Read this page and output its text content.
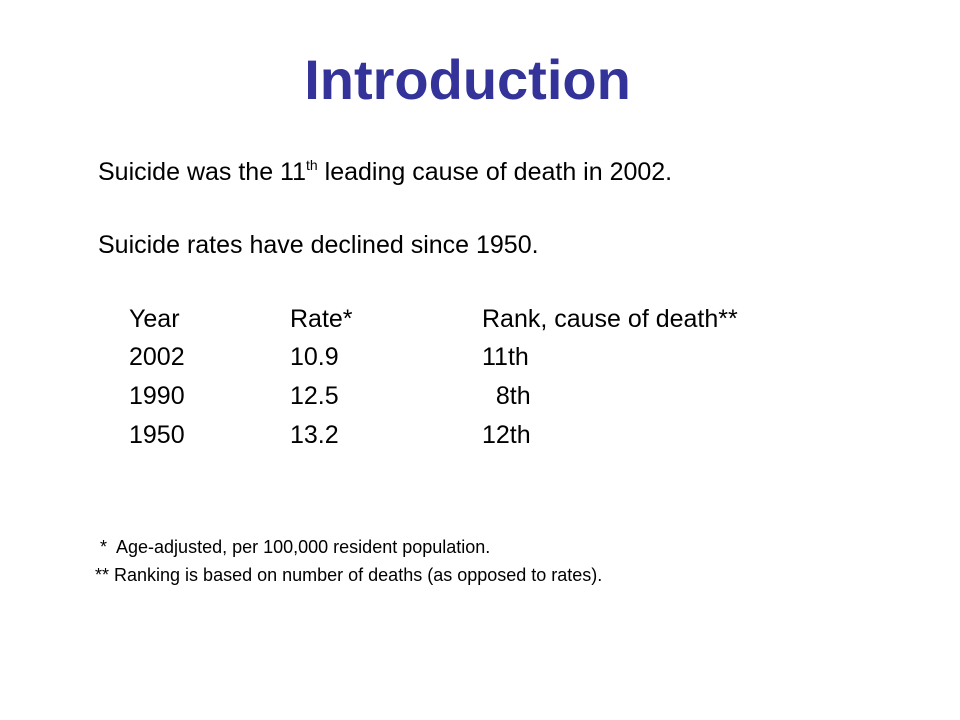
Introduction
Suicide was the 11th leading cause of death in 2002.
Suicide rates have declined since 1950.
Year	Rate*	Rank, cause of death**
2002	10.9	11th
1990	12.5	8th
1950	13.2	12th
*  Age-adjusted, per 100,000 resident population.
** Ranking is based on number of deaths (as opposed to rates).
